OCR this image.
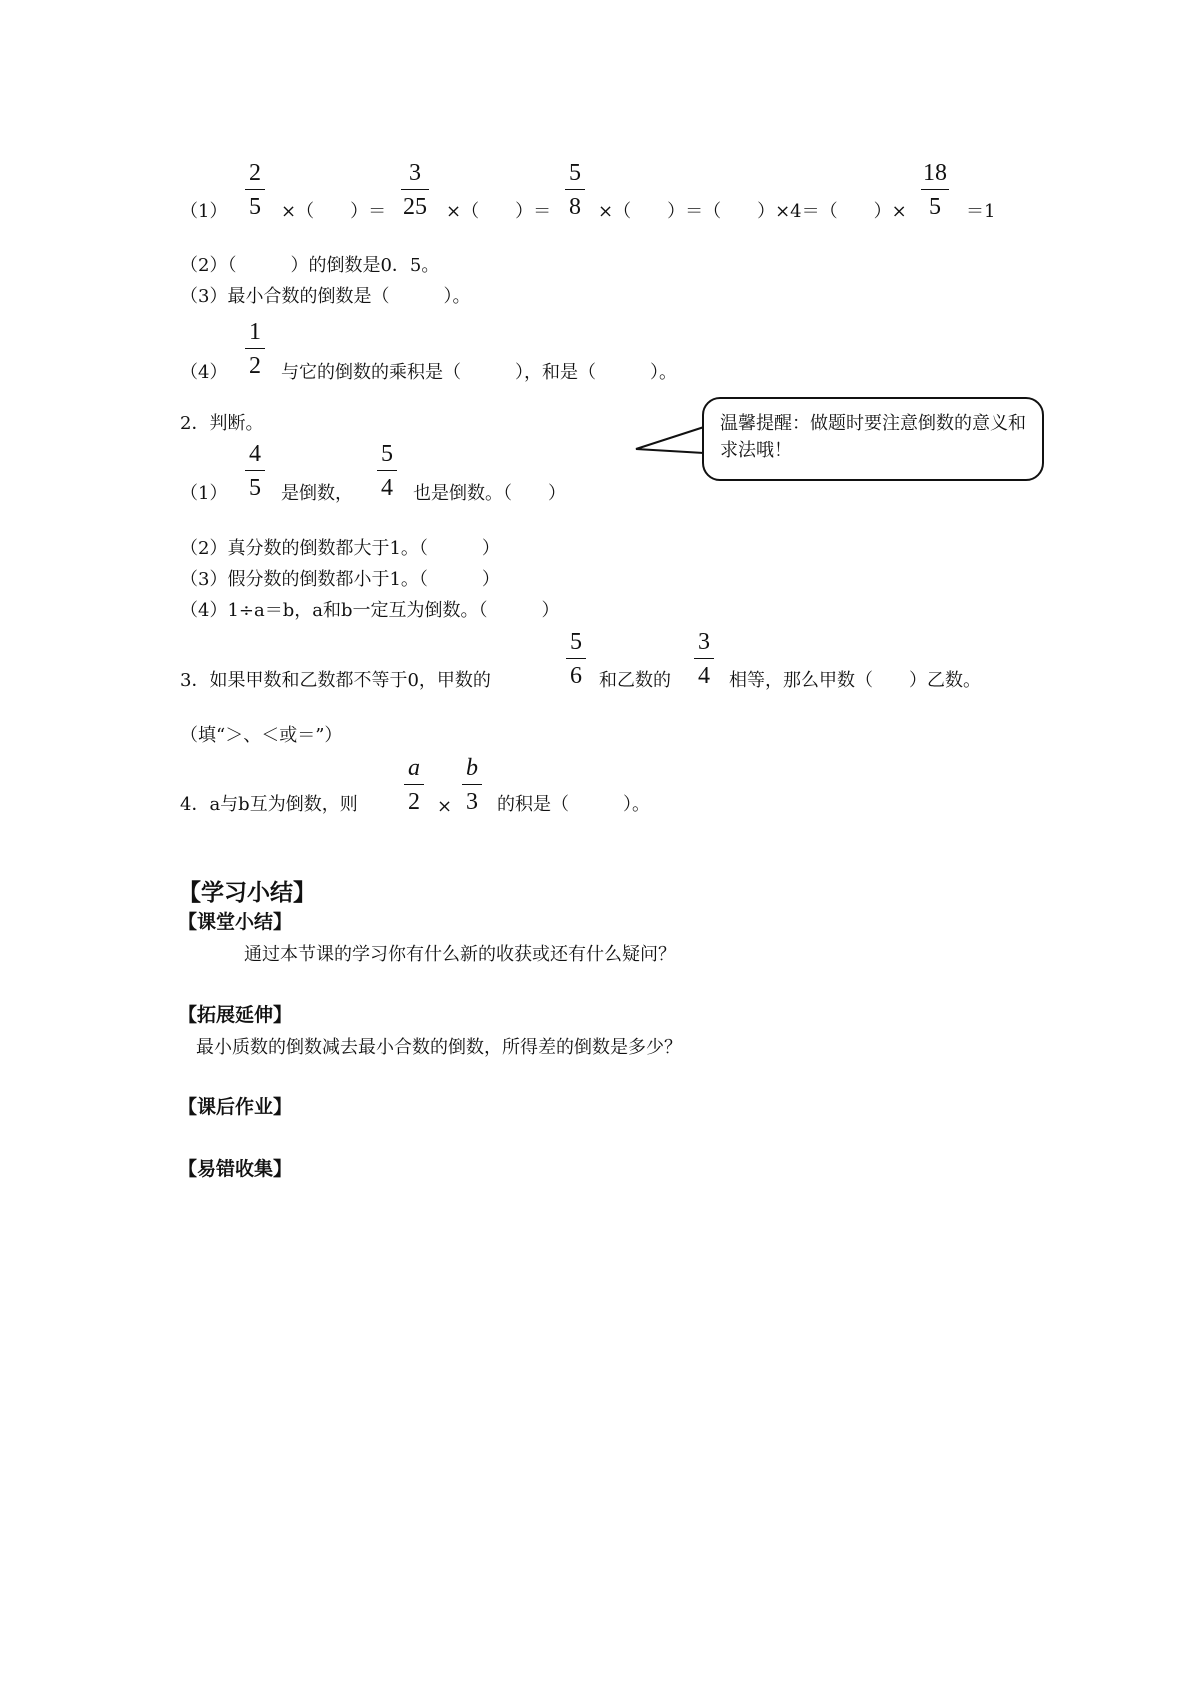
（1）
2
5	×（　　）＝
3
25	×（　　）＝
5
8 ×（　　）＝（　　）×4＝（　　）×
18
5	＝1
（2）（　　　）的倒数是0．5。
（3）最小合数的倒数是（　　　）。
（4）
1
2	与它的倒数的乘积是（　　　），和是（　　　）。
2．判断。
（1）
4
5	是倒数，
5
4	也是倒数。（　　）
（2）真分数的倒数都大于1。（　　　）
（3）假分数的倒数都小于1。（　　　）
（4）1÷a＝b，a和b一定互为倒数。（　　　）
温馨提醒：做题时要注意倒数的意义和求法哦！
3．如果甲数和乙数都不等于0，甲数的
5
6 和乙数的
3
4	相等，那么甲数（　　）乙数。
（填“＞、＜或＝”）
4．a与b互为倒数，则
a
2 ×
b
3	的积是（　　　）。
【学习小结】
【课堂小结】
通过本节课的学习你有什么新的收获或还有什么疑问？
【拓展延伸】
最小质数的倒数减去最小合数的倒数，所得差的倒数是多少？
【课后作业】
【易错收集】
